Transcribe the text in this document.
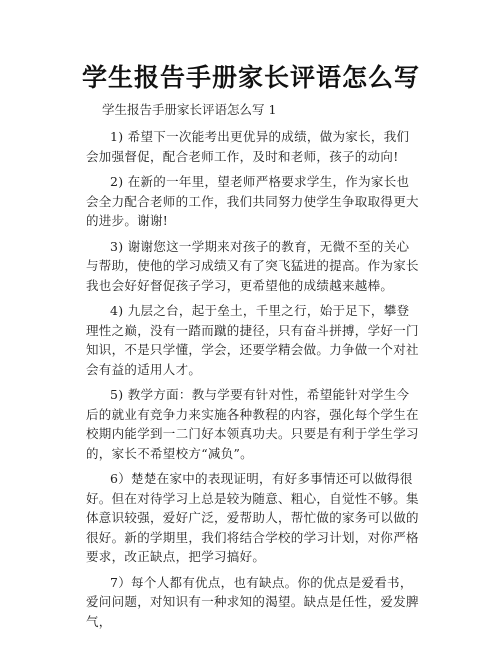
学生报告手册家长评语怎么写

学生报告手册家长评语怎么写 1

1) 希望下一次能考出更优异的成绩，做为家长，我们会加强督促，配合老师工作，及时和老师，孩子的动向!

2) 在新的一年里，望老师严格要求学生，作为家长也会全力配合老师的工作，我们共同努力使学生争取取得更大的进步。谢谢!

3) 谢谢您这一学期来对孩子的教育，无微不至的关心与帮助，使他的学习成绩又有了突飞猛进的提高。作为家长我也会好好督促孩子学习，更希望他的成绩越来越棒。

4) 九层之台，起于垒土，千里之行，始于足下，攀登理性之巅，没有一踏而蹴的捷径，只有奋斗拼搏，学好一门知识，不是只学懂，学会，还要学精会做。力争做一个对社会有益的适用人才。

5) 教学方面：教与学要有针对性，希望能针对学生今后的就业有竞争力来实施各种教程的内容，强化每个学生在校期内能学到一二门好本领真功夫。只要是有利于学生学习的，家长不希望校方“减负”。

6）楚楚在家中的表现证明，有好多事情还可以做得很好。但在对待学习上总是较为随意、粗心，自觉性不够。集体意识较强，爱好广泛，爱帮助人，帮忙做的家务可以做的很好。新的学期里，我们将结合学校的学习计划，对你严格要求，改正缺点，把学习搞好。

7）每个人都有优点，也有缺点。你的优点是爱看书，爱问问题，对知识有一种求知的渴望。缺点是任性，爱发脾气，
